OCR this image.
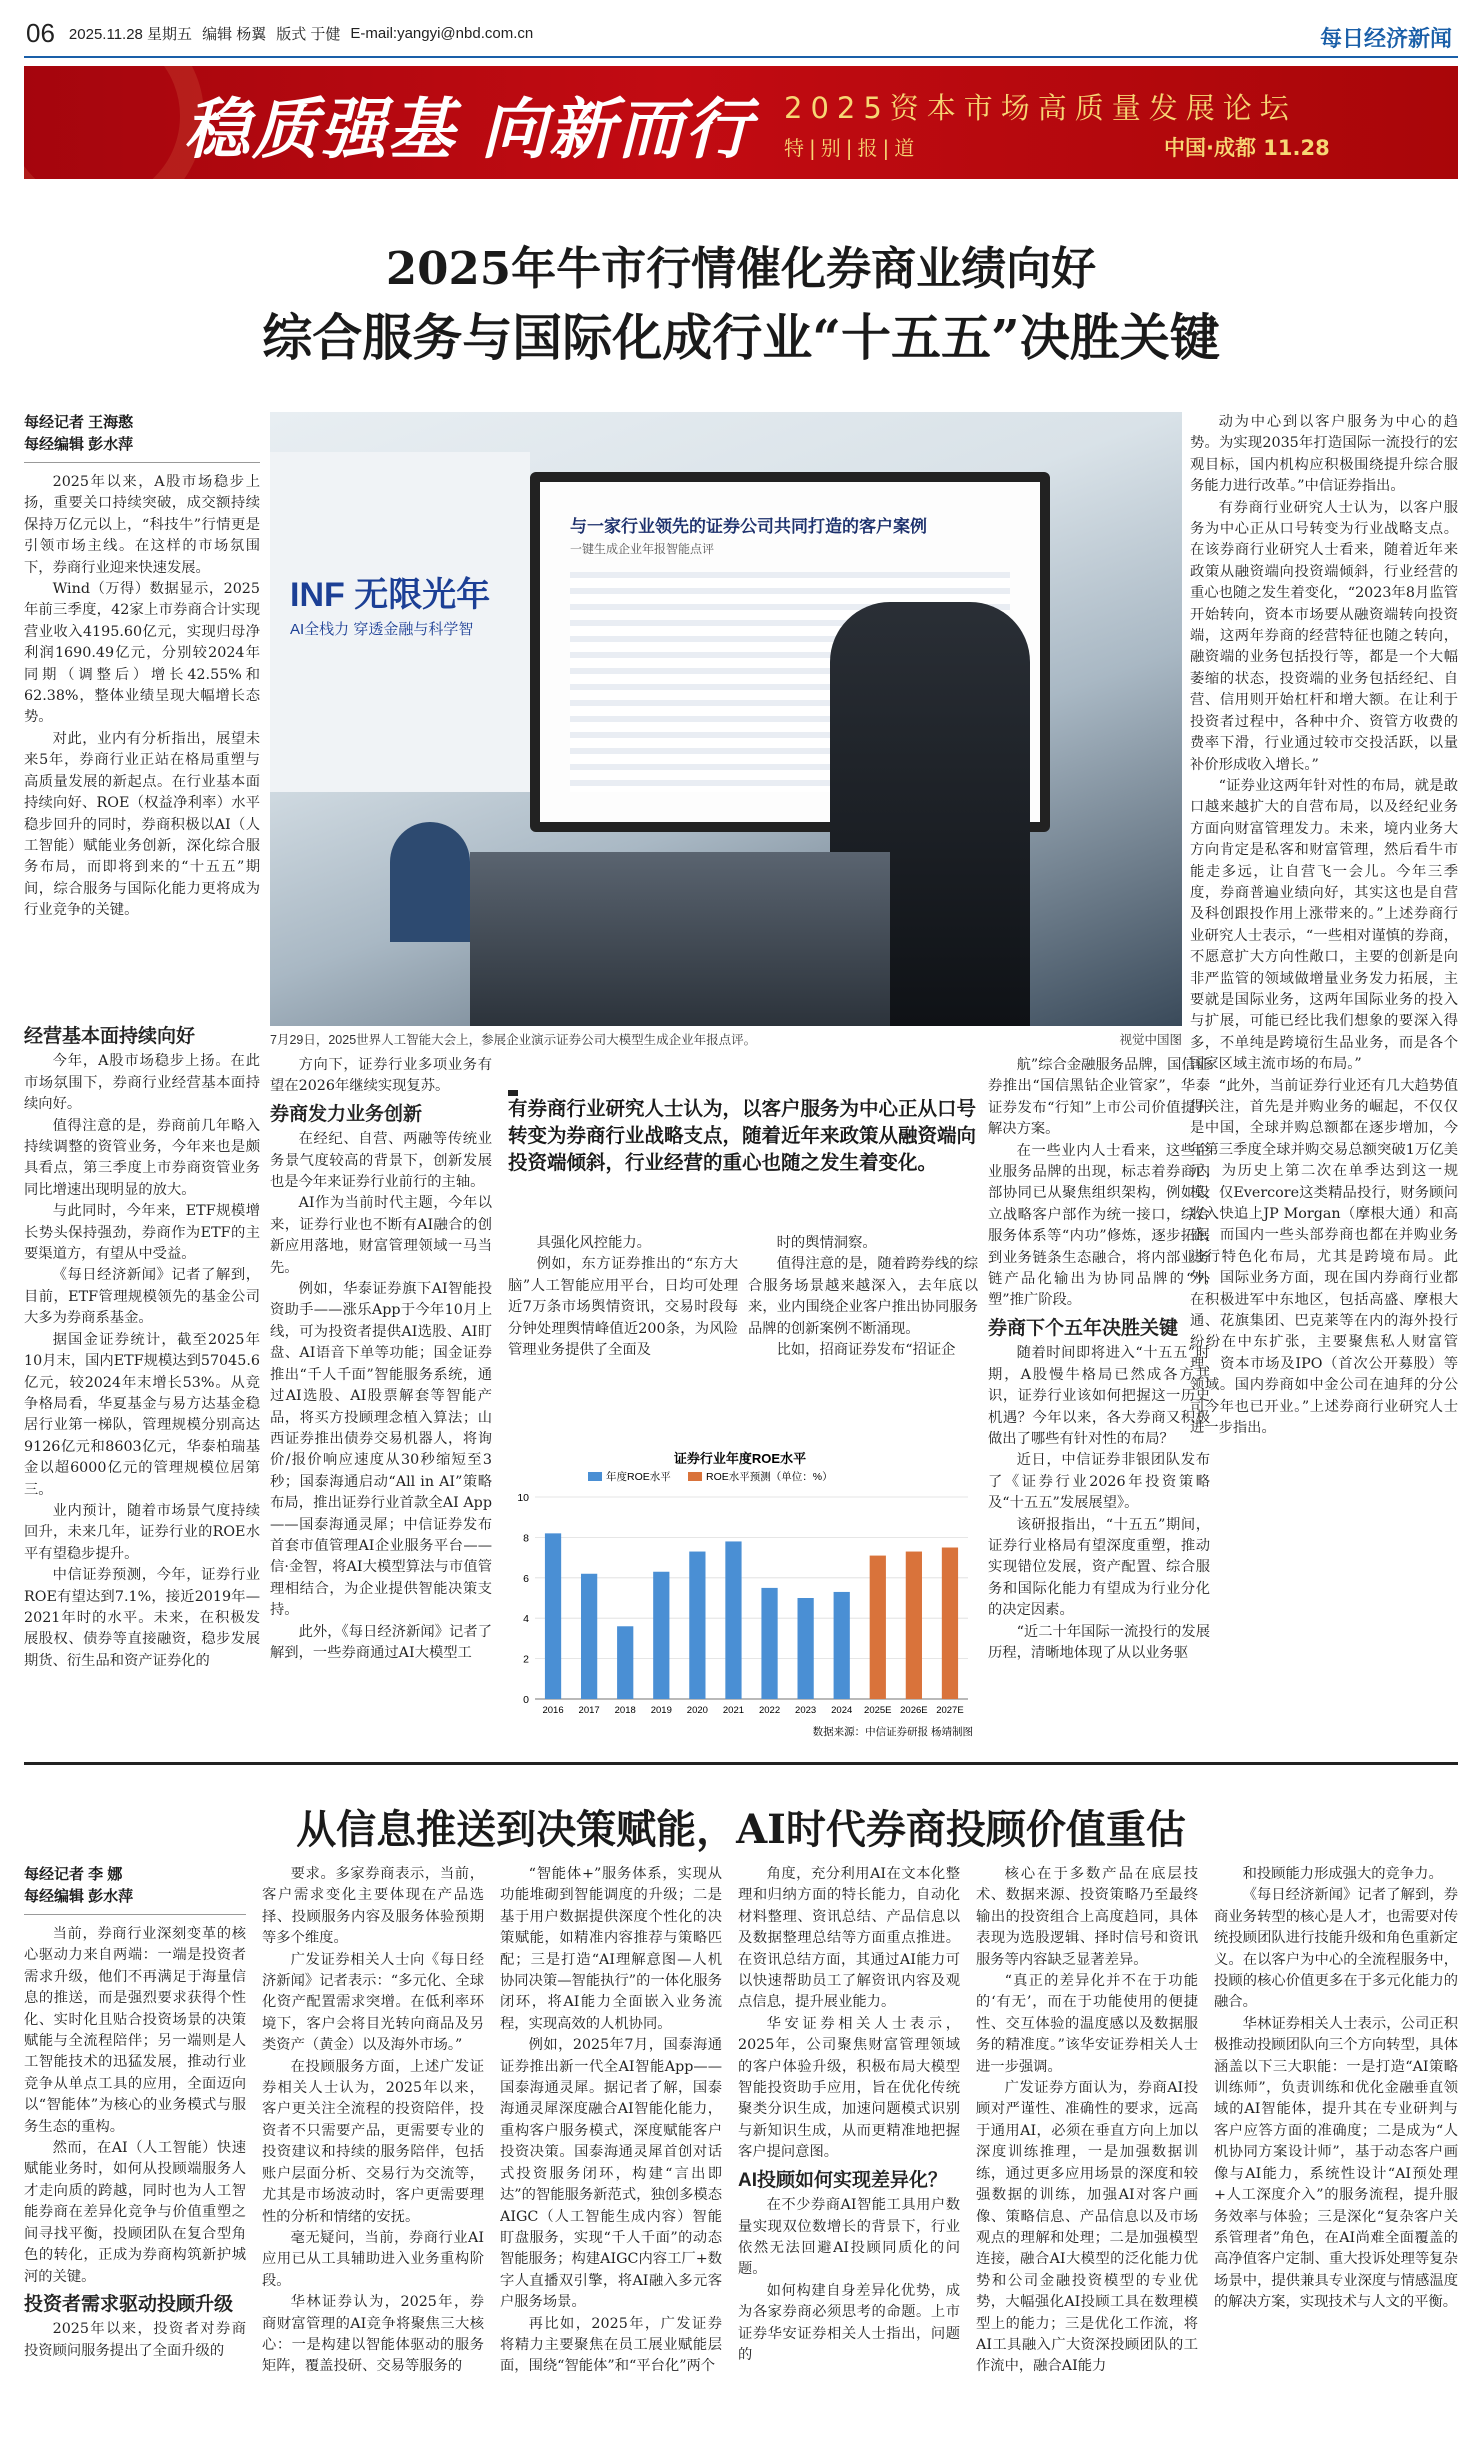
06 2025.11.28 星期五 编辑 杨翼 版式 于健 E-mail:yangyi@nbd.com.cn	每日经济新闻
稳质强基 向新而行 2025资本市场高质量发展论坛
特|别|报|道	中国·成都 11.28
2025年牛市行情催化券商业绩向好
综合服务与国际化成行业“十五五”决胜关键
每经记者 王海憨
每经编辑 彭水萍
INF 无限光年
AI全栈力 穿透金融与科学智
与一家行业领先的证券公司共同打造的客户案例
一键生成企业年报智能点评
7月29日，2025世界人工智能大会上，参展企业演示证券公司大模型生成企业年报点评。	视觉中国图

2025年以来，A股市场稳步上扬，重要关口持续突破，成交额持续保持万亿元以上，“科技牛”行情更是引领市场主线。在这样的市场氛围下，券商行业迎来快速发展。

Wind（万得）数据显示，2025年前三季度，42家上市券商合计实现营业收入4195.60亿元，实现归母净利润1690.49亿元，分别较2024年同期（调整后）增长42.55%和62.38%，整体业绩呈现大幅增长态势。

对此，业内有分析指出，展望未来5年，券商行业正站在格局重塑与高质量发展的新起点。在行业基本面持续向好、ROE（权益净利率）水平稳步回升的同时，券商积极以AI（人工智能）赋能业务创新，深化综合服务布局，而即将到来的“十五五”期间，综合服务与国际化能力更将成为行业竞争的关键。

经营基本面持续向好

今年，A股市场稳步上扬。在此市场氛围下，券商行业经营基本面持续向好。

值得注意的是，券商前几年略入持续调整的资管业务，今年来也是颇具看点，第三季度上市券商资管业务同比增速出现明显的放大。

与此同时，今年来，ETF规模增长势头保持强劲，券商作为ETF的主要渠道方，有望从中受益。

《每日经济新闻》记者了解到，目前，ETF管理规模领先的基金公司大多为券商系基金。

据国金证券统计，截至2025年10月末，国内ETF规模达到57045.6亿元，较2024年末增长53%。从竞争格局看，华夏基金与易方达基金稳居行业第一梯队，管理规模分别高达9126亿元和8603亿元，华泰柏瑞基金以超6000亿元的管理规模位居第三。

业内预计，随着市场景气度持续回升，未来几年，证券行业的ROE水平有望稳步提升。

中信证券预测，今年，证券行业ROE有望达到7.1%，接近2019年—2021年时的水平。未来，在积极发展股权、债券等直接融资，稳步发展期货、衍生品和资产证券化的

方向下，证券行业多项业务有望在2026年继续实现复苏。

券商发力业务创新

在经纪、自营、两融等传统业务景气度较高的背景下，创新发展也是今年来证券行业前行的主轴。

AI作为当前时代主题，今年以来，证券行业也不断有AI融合的创新应用落地，财富管理领域一马当先。

例如，华泰证券旗下AI智能投资助手——涨乐App于今年10月上线，可为投资者提供AI选股、AI盯盘、AI语音下单等功能；国金证券推出“千人千面”智能服务系统，通过AI选股、AI股票解套等智能产品，将买方投顾理念植入算法；山西证券推出债券交易机器人，将询价/报价响应速度从30秒缩短至3秒；国泰海通启动“All in AI”策略布局，推出证券行业首款全AI App——国泰海通灵犀；中信证券发布首套市值管理AI企业服务平台——信·金智，将AI大模型算法与市值管理相结合，为企业提供智能决策支持。

此外，《每日经济新闻》记者了解到，一些券商通过AI大模型工

有券商行业研究人士认为，以客户服务为中心正从口号转变为券商行业战略支点，随着近年来政策从融资端向投资端倾斜，行业经营的重心也随之发生着变化。

具强化风控能力。

例如，东方证券推出的“东方大脑”人工智能应用平台，日均可处理近7万条市场舆情资讯，交易时段每分钟处理舆情峰值近200条，为风险管理业务提供了全面及

时的舆情洞察。

值得注意的是，随着跨券线的综合服务场景越来越深入，去年底以来，业内围绕企业客户推出协同服务品牌的创新案例不断涌现。

比如，招商证券发布“招证企

证券行业年度ROE水平
年度ROE水平	ROE水平预测（单位：%）
0
2
4
6
8
10
2016 2017 2018 2019 2020 2021 2022 2023 2024 2025E 2026E 2027E
数据来源：中信证券研报 杨靖制图

航”综合金融服务品牌，国信证券推出“国信黑钻企业管家”，华泰证券发布“行知”上市公司价值提升解决方案。

在一些业内人士看来，这些企业服务品牌的出现，标志着券商内部协同已从聚焦组织架构，例如设立战略客户部作为统一接口，综合服务体系等“内功”修炼，逐步拓展到业务链条生态融合，将内部业务链产品化输出为协同品牌的“外塑”推广阶段。

券商下个五年决胜关键

随着时间即将进入“十五五”时期，A股慢牛格局已然成各方共识，证券行业该如何把握这一历史机遇？今年以来，各大券商又积极做出了哪些有针对性的布局？

近日，中信证券非银团队发布了《证券行业2026年投资策略及“十五五”发展展望》。

该研报指出，“十五五”期间，证券行业格局有望深度重塑，推动实现错位发展，资产配置、综合服务和国际化能力有望成为行业分化的决定因素。

“近二十年国际一流投行的发展历程，清晰地体现了从以业务驱

动为中心到以客户服务为中心的趋势。为实现2035年打造国际一流投行的宏观目标，国内机构应积极围绕提升综合服务能力进行改革。”中信证券指出。

有券商行业研究人士认为，以客户服务为中心正从口号转变为行业战略支点。在该券商行业研究人士看来，随着近年来政策从融资端向投资端倾斜，行业经营的重心也随之发生着变化，“2023年8月监管开始转向，资本市场要从融资端转向投资端，这两年券商的经营特征也随之转向，融资端的业务包括投行等，都是一个大幅萎缩的状态，投资端的业务包括经纪、自营、信用则开始杠杆和增大额。在让利于投资者过程中，各种中介、资管方收费的费率下滑，行业通过较市交投活跃，以量补价形成收入增长。”

“证券业这两年针对性的布局，就是敢口越来越扩大的自营布局，以及经纪业务方面向财富管理发力。未来，境内业务大方向肯定是私客和财富管理，然后看牛市能走多远，让自营飞一会儿。今年三季度，券商普遍业绩向好，其实这也是自营及科创跟投作用上涨带来的。”上述券商行业研究人士表示，“一些相对谨慎的券商，不愿意扩大方向性敞口，主要的创新是向非严监管的领域做增量业务发力拓展，主要就是国际业务，这两年国际业务的投入与扩展，可能已经比我们想象的要深入得多，不单纯是跨境衍生品业务，而是各个国家区域主流市场的布局。”

“此外，当前证券行业还有几大趋势值得关注，首先是并购业务的崛起，不仅仅是中国，全球并购总额都在逐步增加，今年第三季度全球并购交易总额突破1万亿美元，为历史上第二次在单季达到这一规模，仅Evercore这类精品投行，财务顾问收入快追上JP Morgan（摩根大通）和高盛，而国内一些头部券商也都在并购业务进行特色化布局，尤其是跨境布局。此外，国际业务方面，现在国内券商行业都在积极进军中东地区，包括高盛、摩根大通、花旗集团、巴克莱等在内的海外投行纷纷在中东扩张，主要聚焦私人财富管理、资本市场及IPO（首次公开募股）等领域。国内券商如中金公司在迪拜的分公司今年也已开业。”上述券商行业研究人士进一步指出。

从信息推送到决策赋能，AI时代券商投顾价值重估
每经记者 李 娜
每经编辑 彭水萍

当前，券商行业深刻变革的核心驱动力来自两端：一端是投资者需求升级，他们不再满足于海量信息的推送，而是强烈要求获得个性化、实时化且贴合投资场景的决策赋能与全流程陪伴；另一端则是人工智能技术的迅猛发展，推动行业竞争从单点工具的应用，全面迈向以“智能体”为核心的业务模式与服务生态的重构。

然而，在AI（人工智能）快速赋能业务时，如何从投顾端服务人才走向质的跨越，同时也为人工智能券商在差异化竞争与价值重塑之间寻找平衡，投顾团队在复合型角色的转化，正成为券商构筑新护城河的关键。

投资者需求驱动投顾升级

2025年以来，投资者对券商投资顾问服务提出了全面升级的

要求。多家券商表示，当前，客户需求变化主要体现在产品选择、投顾服务内容及服务体验预期等多个维度。

广发证券相关人士向《每日经济新闻》记者表示：“多元化、全球化资产配置需求突增。在低利率环境下，客户会将目光转向商品及另类资产（黄金）以及海外市场。”

在投顾服务方面，上述广发证券相关人士认为，2025年以来，客户更关注全流程的投资陪伴，投资者不只需要产品，更需要专业的投资建议和持续的服务陪伴，包括账户层面分析、交易行为交流等，尤其是市场波动时，客户更需要理性的分析和情绪的安抚。

毫无疑问，当前，券商行业AI应用已从工具辅助进入业务重构阶段。

华林证券认为，2025年，券商财富管理的AI竞争将聚焦三大核心：一是构建以智能体驱动的服务矩阵，覆盖投研、交易等服务的

“智能体+”服务体系，实现从功能堆砌到智能调度的升级；二是基于用户数据提供深度个性化的决策赋能，如精准内容推荐与策略匹配；三是打造“AI理解意图—人机协同决策—智能执行”的一体化服务闭环，将AI能力全面嵌入业务流程，实现高效的人机协同。

例如，2025年7月，国泰海通证券推出新一代全AI智能App——国泰海通灵犀。据记者了解，国泰海通灵犀深度融合AI智能化能力，重构客户服务模式，深度赋能客户投资决策。国泰海通灵犀首创对话式投资服务闭环，构建“言出即达”的智能服务新范式，独创多模态AIGC（人工智能生成内容）智能盯盘服务，实现“千人千面”的动态智能服务；构建AIGC内容工厂+数字人直播双引擎，将AI融入多元客户服务场景。

再比如，2025年，广发证券将精力主要聚焦在员工展业赋能层面，围绕“智能体”和“平台化”两个

角度，充分利用AI在文本化整理和归纳方面的特长能力，自动化材料整理、资讯总结、产品信息以及数据整理总结等方面重点推进。在资讯总结方面，其通过AI能力可以快速帮助员工了解资讯内容及观点信息，提升展业能力。

华安证券相关人士表示，2025年，公司聚焦财富管理领域的客户体验升级，积极布局大模型智能投资助手应用，旨在优化传统聚类分识生成，加速问题模式识别与新知识生成，从而更精准地把握客户提问意图。

AI投顾如何实现差异化？

在不少券商AI智能工具用户数量实现双位数增长的背景下，行业依然无法回避AI投顾同质化的问题。

如何构建自身差异化优势，成为各家券商必须思考的命题。上市证券华安证券相关人士指出，问题的

核心在于多数产品在底层技术、数据来源、投资策略乃至最终输出的投资组合上高度趋同，具体表现为选股逻辑、择时信号和资讯服务等内容缺乏显著差异。

“真正的差异化并不在于功能的‘有无’，而在于功能使用的便捷性、交互体验的温度感以及数据服务的精准度。”该华安证券相关人士进一步强调。

广发证券方面认为，券商AI投顾对严谨性、准确性的要求，远高于通用AI，必须在垂直方向上加以深度训练推理，一是加强数据训练，通过更多应用场景的深度和较强数据的训练，加强AI对客户画像、策略信息、产品信息以及市场观点的理解和处理；二是加强模型连接，融合AI大模型的泛化能力优势和公司金融投资模型的专业优势，大幅强化AI投顾工具在数理模型上的能力；三是优化工作流，将AI工具融入广大资深投顾团队的工作流中，融合AI能力

和投顾能力形成强大的竞争力。

《每日经济新闻》记者了解到，券商业务转型的核心是人才，也需要对传统投顾团队进行技能升级和角色重新定义。在以客户为中心的全流程服务中，投顾的核心价值更多在于多元化能力的融合。

华林证券相关人士表示，公司正积极推动投顾团队向三个方向转型，具体涵盖以下三大职能：一是打造“AI策略训练师”，负责训练和优化金融垂直领域的AI智能体，提升其在专业研判与客户应答方面的准确度；二是成为“人机协同方案设计师”，基于动态客户画像与AI能力，系统性设计“AI预处理+人工深度介入”的服务流程，提升服务效率与体验；三是深化“复杂客户关系管理者”角色，在AI尚难全面覆盖的高净值客户定制、重大投诉处理等复杂场景中，提供兼具专业深度与情感温度的解决方案，实现技术与人文的平衡。
